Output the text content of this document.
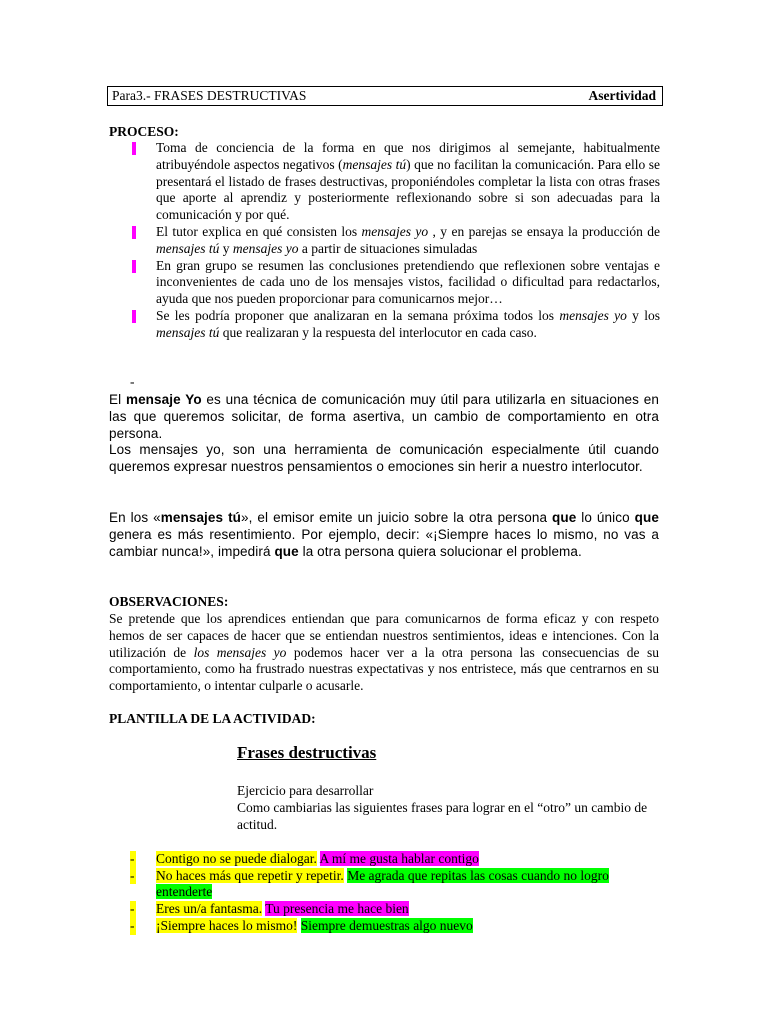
Para3.- FRASES DESTRUCTIVAS	Asertividad
PROCESO:
Toma de conciencia de la forma en que nos dirigimos al semejante, habitualmente atribuyéndole aspectos negativos (mensajes tú) que no facilitan la comunicación. Para ello se presentará el listado de frases destructivas, proponiéndoles completar la lista con otras frases que aporte al aprendiz y posteriormente reflexionando sobre si son adecuadas para la comunicación y por qué.
El tutor explica en qué consisten los mensajes yo , y en parejas se ensaya la producción de mensajes tú y mensajes yo a partir de situaciones simuladas
En gran grupo se resumen las conclusiones pretendiendo que reflexionen sobre ventajas e inconvenientes de cada uno de los mensajes vistos, facilidad o dificultad para redactarlos, ayuda que nos pueden proporcionar para comunicarnos mejor…
Se les podría proponer que analizaran en la semana próxima todos los mensajes yo y los mensajes tú que realizaran y la respuesta del interlocutor en cada caso.
-
El mensaje Yo es una técnica de comunicación muy útil para utilizarla en situaciones en las que queremos solicitar, de forma asertiva, un cambio de comportamiento en otra persona.
Los mensajes yo, son una herramienta de comunicación especialmente útil cuando queremos expresar nuestros pensamientos o emociones sin herir a nuestro interlocutor.
En los «mensajes tú», el emisor emite un juicio sobre la otra persona que lo único que genera es más resentimiento. Por ejemplo, decir: «¡Siempre haces lo mismo, no vas a cambiar nunca!», impedirá que la otra persona quiera solucionar el problema.
OBSERVACIONES:
Se pretende que los aprendices entiendan que para comunicarnos de forma eficaz y con respeto hemos de ser capaces de hacer que se entiendan nuestros sentimientos, ideas e intenciones. Con la utilización de los mensajes yo podemos hacer ver a la otra persona las consecuencias de su comportamiento, como ha frustrado nuestras expectativas y nos entristece, más que centrarnos en su comportamiento, o intentar culparle o acusarle.
PLANTILLA DE LA ACTIVIDAD:
Frases destructivas
Ejercicio para desarrollar
Como cambiarias las siguientes frases para lograr en el “otro” un cambio de actitud.
- Contigo no se puede dialogar. A mí me gusta hablar contigo
- No haces más que repetir y repetir. Me agrada que repitas las cosas cuando no logro entenderte
- Eres un/a fantasma. Tu presencia me hace bien
- ¡Siempre haces lo mismo! Siempre demuestras algo nuevo
